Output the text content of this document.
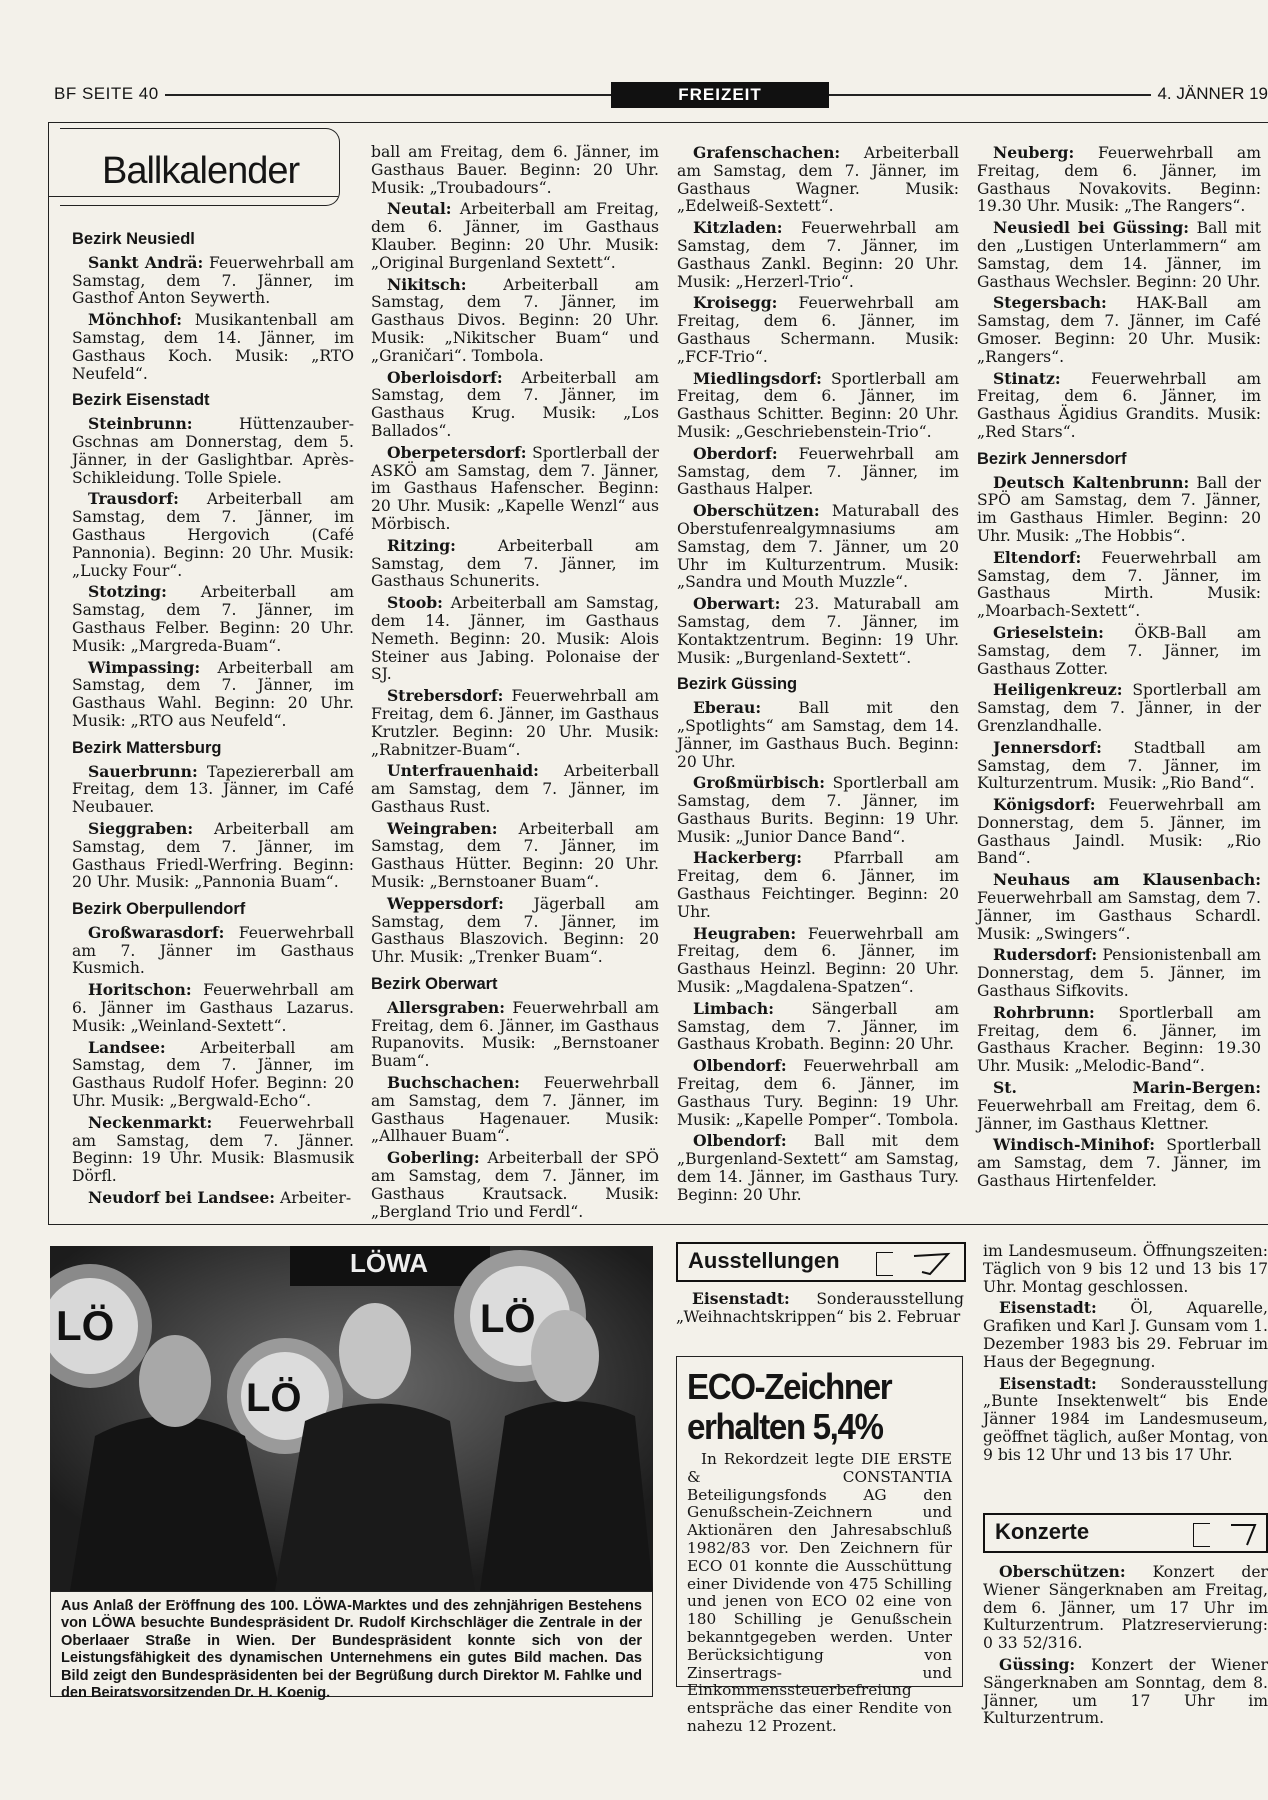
BF SEITE 40	FREIZEIT	4. JÄNNER 19
Ballkalender
Bezirk Neusiedl

Sankt Andrä: Feuerwehrball am Samstag, dem 7. Jänner, im Gasthof Anton Seywerth.

Mönchhof: Musikantenball am Samstag, dem 14. Jänner, im Gasthaus Koch. Musik: „RTO Neufeld“.

Bezirk Eisenstadt

Steinbrunn: Hüttenzauber-Gschnas am Donnerstag, dem 5. Jänner, in der Gaslightbar. Après-Schikleidung. Tolle Spiele.

Trausdorf: Arbeiterball am Samstag, dem 7. Jänner, im Gasthaus Hergovich (Café Pannonia). Beginn: 20 Uhr. Musik: „Lucky Four“.

Stotzing: Arbeiterball am Samstag, dem 7. Jänner, im Gasthaus Felber. Beginn: 20 Uhr. Musik: „Margreda-Buam“.

Wimpassing: Arbeiterball am Samstag, dem 7. Jänner, im Gasthaus Wahl. Beginn: 20 Uhr. Musik: „RTO aus Neufeld“.

Bezirk Mattersburg

Sauerbrunn: Tapeziererball am Freitag, dem 13. Jänner, im Café Neubauer.

Sieggraben: Arbeiterball am Samstag, dem 7. Jänner, im Gasthaus Friedl-Werfring. Beginn: 20 Uhr. Musik: „Pannonia Buam“.

Bezirk Oberpullendorf

Großwarasdorf: Feuerwehrball am 7. Jänner im Gasthaus Kusmich.

Horitschon: Feuerwehrball am 6. Jänner im Gasthaus Lazarus. Musik: „Weinland-Sextett“.

Landsee: Arbeiterball am Samstag, dem 7. Jänner, im Gasthaus Rudolf Hofer. Beginn: 20 Uhr. Musik: „Bergwald-Echo“.

Neckenmarkt: Feuerwehrball am Samstag, dem 7. Jänner. Beginn: 19 Uhr. Musik: Blasmusik Dörfl.

Neudorf bei Landsee: Arbeiter-

ball am Freitag, dem 6. Jänner, im Gasthaus Bauer. Beginn: 20 Uhr. Musik: „Troubadours“.

Neutal: Arbeiterball am Freitag, dem 6. Jänner, im Gasthaus Klauber. Beginn: 20 Uhr. Musik: „Original Burgenland Sextett“.

Nikitsch: Arbeiterball am Samstag, dem 7. Jänner, im Gasthaus Divos. Beginn: 20 Uhr. Musik: „Nikitscher Buam“ und „Graničari“. Tombola.

Oberloisdorf: Arbeiterball am Samstag, dem 7. Jänner, im Gasthaus Krug. Musik: „Los Ballados“.

Oberpetersdorf: Sportlerball der ASKÖ am Samstag, dem 7. Jänner, im Gasthaus Hafenscher. Beginn: 20 Uhr. Musik: „Kapelle Wenzl“ aus Mörbisch.

Ritzing: Arbeiterball am Samstag, dem 7. Jänner, im Gasthaus Schunerits.

Stoob: Arbeiterball am Samstag, dem 14. Jänner, im Gasthaus Nemeth. Beginn: 20. Musik: Alois Steiner aus Jabing. Polonaise der SJ.

Strebersdorf: Feuerwehrball am Freitag, dem 6. Jänner, im Gasthaus Krutzler. Beginn: 20 Uhr. Musik: „Rabnitzer-Buam“.

Unterfrauenhaid: Arbeiterball am Samstag, dem 7. Jänner, im Gasthaus Rust.

Weingraben: Arbeiterball am Samstag, dem 7. Jänner, im Gasthaus Hütter. Beginn: 20 Uhr. Musik: „Bernstoaner Buam“.

Weppersdorf: Jägerball am Samstag, dem 7. Jänner, im Gasthaus Blaszovich. Beginn: 20 Uhr. Musik: „Trenker Buam“.

Bezirk Oberwart

Allersgraben: Feuerwehrball am Freitag, dem 6. Jänner, im Gasthaus Rupanovits. Musik: „Bernstoaner Buam“.

Buchschachen: Feuerwehrball am Samstag, dem 7. Jänner, im Gasthaus Hagenauer. Musik: „Allhauer Buam“.

Goberling: Arbeiterball der SPÖ am Samstag, dem 7. Jänner, im Gasthaus Krautsack. Musik: „Bergland Trio und Ferdl“.

Grafenschachen: Arbeiterball am Samstag, dem 7. Jänner, im Gasthaus Wagner. Musik: „Edelweiß-Sextett“.

Kitzladen: Feuerwehrball am Samstag, dem 7. Jänner, im Gasthaus Zankl. Beginn: 20 Uhr. Musik: „Herzerl-Trio“.

Kroisegg: Feuerwehrball am Freitag, dem 6. Jänner, im Gasthaus Schermann. Musik: „FCF-Trio“.

Miedlingsdorf: Sportlerball am Freitag, dem 6. Jänner, im Gasthaus Schitter. Beginn: 20 Uhr. Musik: „Geschriebenstein-Trio“.

Oberdorf: Feuerwehrball am Samstag, dem 7. Jänner, im Gasthaus Halper.

Oberschützen: Maturaball des Oberstufenrealgymnasiums am Samstag, dem 7. Jänner, um 20 Uhr im Kulturzentrum. Musik: „Sandra und Mouth Muzzle“.

Oberwart: 23. Maturaball am Samstag, dem 7. Jänner, im Kontaktzentrum. Beginn: 19 Uhr. Musik: „Burgenland-Sextett“.

Bezirk Güssing

Eberau: Ball mit den „Spotlights“ am Samstag, dem 14. Jänner, im Gasthaus Buch. Beginn: 20 Uhr.

Großmürbisch: Sportlerball am Samstag, dem 7. Jänner, im Gasthaus Burits. Beginn: 19 Uhr. Musik: „Junior Dance Band“.

Hackerberg: Pfarrball am Freitag, dem 6. Jänner, im Gasthaus Feichtinger. Beginn: 20 Uhr.

Heugraben: Feuerwehrball am Freitag, dem 6. Jänner, im Gasthaus Heinzl. Beginn: 20 Uhr. Musik: „Magdalena-Spatzen“.

Limbach: Sängerball am Samstag, dem 7. Jänner, im Gasthaus Krobath. Beginn: 20 Uhr.

Olbendorf: Feuerwehrball am Freitag, dem 6. Jänner, im Gasthaus Tury. Beginn: 19 Uhr. Musik: „Kapelle Pomper“. Tombola.

Olbendorf: Ball mit dem „Burgenland-Sextett“ am Samstag, dem 14. Jänner, im Gasthaus Tury. Beginn: 20 Uhr.

Neuberg: Feuerwehrball am Freitag, dem 6. Jänner, im Gasthaus Novakovits. Beginn: 19.30 Uhr. Musik: „The Rangers“.

Neusiedl bei Güssing: Ball mit den „Lustigen Unterlammern“ am Samstag, dem 14. Jänner, im Gasthaus Wechsler. Beginn: 20 Uhr.

Stegersbach: HAK-Ball am Samstag, dem 7. Jänner, im Café Gmoser. Beginn: 20 Uhr. Musik: „Rangers“.

Stinatz: Feuerwehrball am Freitag, dem 6. Jänner, im Gasthaus Ägidius Grandits. Musik: „Red Stars“.

Bezirk Jennersdorf

Deutsch Kaltenbrunn: Ball der SPÖ am Samstag, dem 7. Jänner, im Gasthaus Himler. Beginn: 20 Uhr. Musik: „The Hobbis“.

Eltendorf: Feuerwehrball am Samstag, dem 7. Jänner, im Gasthaus Mirth. Musik: „Moarbach-Sextett“.

Grieselstein: ÖKB-Ball am Samstag, dem 7. Jänner, im Gasthaus Zotter.

Heiligenkreuz: Sportlerball am Samstag, dem 7. Jänner, in der Grenzlandhalle.

Jennersdorf: Stadtball am Samstag, dem 7. Jänner, im Kulturzentrum. Musik: „Rio Band“.

Königsdorf: Feuerwehrball am Donnerstag, dem 5. Jänner, im Gasthaus Jaindl. Musik: „Rio Band“.

Neuhaus am Klausenbach: Feuerwehrball am Samstag, dem 7. Jänner, im Gasthaus Schardl. Musik: „Swingers“.

Rudersdorf: Pensionistenball am Donnerstag, dem 5. Jänner, im Gasthaus Sifkovits.

Rohrbrunn: Sportlerball am Freitag, dem 6. Jänner, im Gasthaus Kracher. Beginn: 19.30 Uhr. Musik: „Melodic-Band“.

St. Marin-Bergen: Feuerwehrball am Freitag, dem 6. Jänner, im Gasthaus Klettner.

Windisch-Minihof: Sportlerball am Samstag, dem 7. Jänner, im Gasthaus Hirtenfelder.

LÖWA
LÖ
LÖ
LÖ
Aus Anlaß der Eröffnung des 100. LÖWA-Marktes und des zehnjährigen Bestehens von LÖWA besuchte Bundespräsident Dr. Rudolf Kirchschläger die Zentrale in der Oberlaaer Straße in Wien. Der Bundespräsident konnte sich von der Leistungsfähigkeit des dynamischen Unternehmens ein gutes Bild machen. Das Bild zeigt den Bundespräsidenten bei der Begrüßung durch Direktor M. Fahlke und den Beiratsvorsitzenden Dr. H. Koenig.
Ausstellungen

Eisenstadt: Sonderausstellung „Weihnachtskrippen“ bis 2. Februar

im Landesmuseum. Öffnungszeiten: Täglich von 9 bis 12 und 13 bis 17 Uhr. Montag geschlossen.

Eisenstadt: Öl, Aquarelle, Grafiken und Karl J. Gunsam vom 1. Dezember 1983 bis 29. Februar im Haus der Begegnung.

Eisenstadt: Sonderausstellung „Bunte Insektenwelt“ bis Ende Jänner 1984 im Landesmuseum, geöffnet täglich, außer Montag, von 9 bis 12 Uhr und 13 bis 17 Uhr.

ECO-Zeichner erhalten 5,4%
In Rekordzeit legte DIE ERSTE & CONSTANTIA Beteiligungsfonds AG den Genußschein-Zeichnern und Aktionären den Jahresabschluß 1982/83 vor. Den Zeichnern für ECO 01 konnte die Ausschüttung einer Dividende von 475 Schilling und jenen von ECO 02 eine von 180 Schilling je Genußschein bekanntgegeben werden. Unter Berücksichtigung von Zinsertrags- und Einkommenssteuerbefreiung entspräche das einer Rendite von nahezu 12 Prozent.
Konzerte

Oberschützen: Konzert der Wiener Sängerknaben am Freitag, dem 6. Jänner, um 17 Uhr im Kulturzentrum. Platzreservierung: 0 33 52/316.

Güssing: Konzert der Wiener Sängerknaben am Sonntag, dem 8. Jänner, um 17 Uhr im Kulturzentrum.
